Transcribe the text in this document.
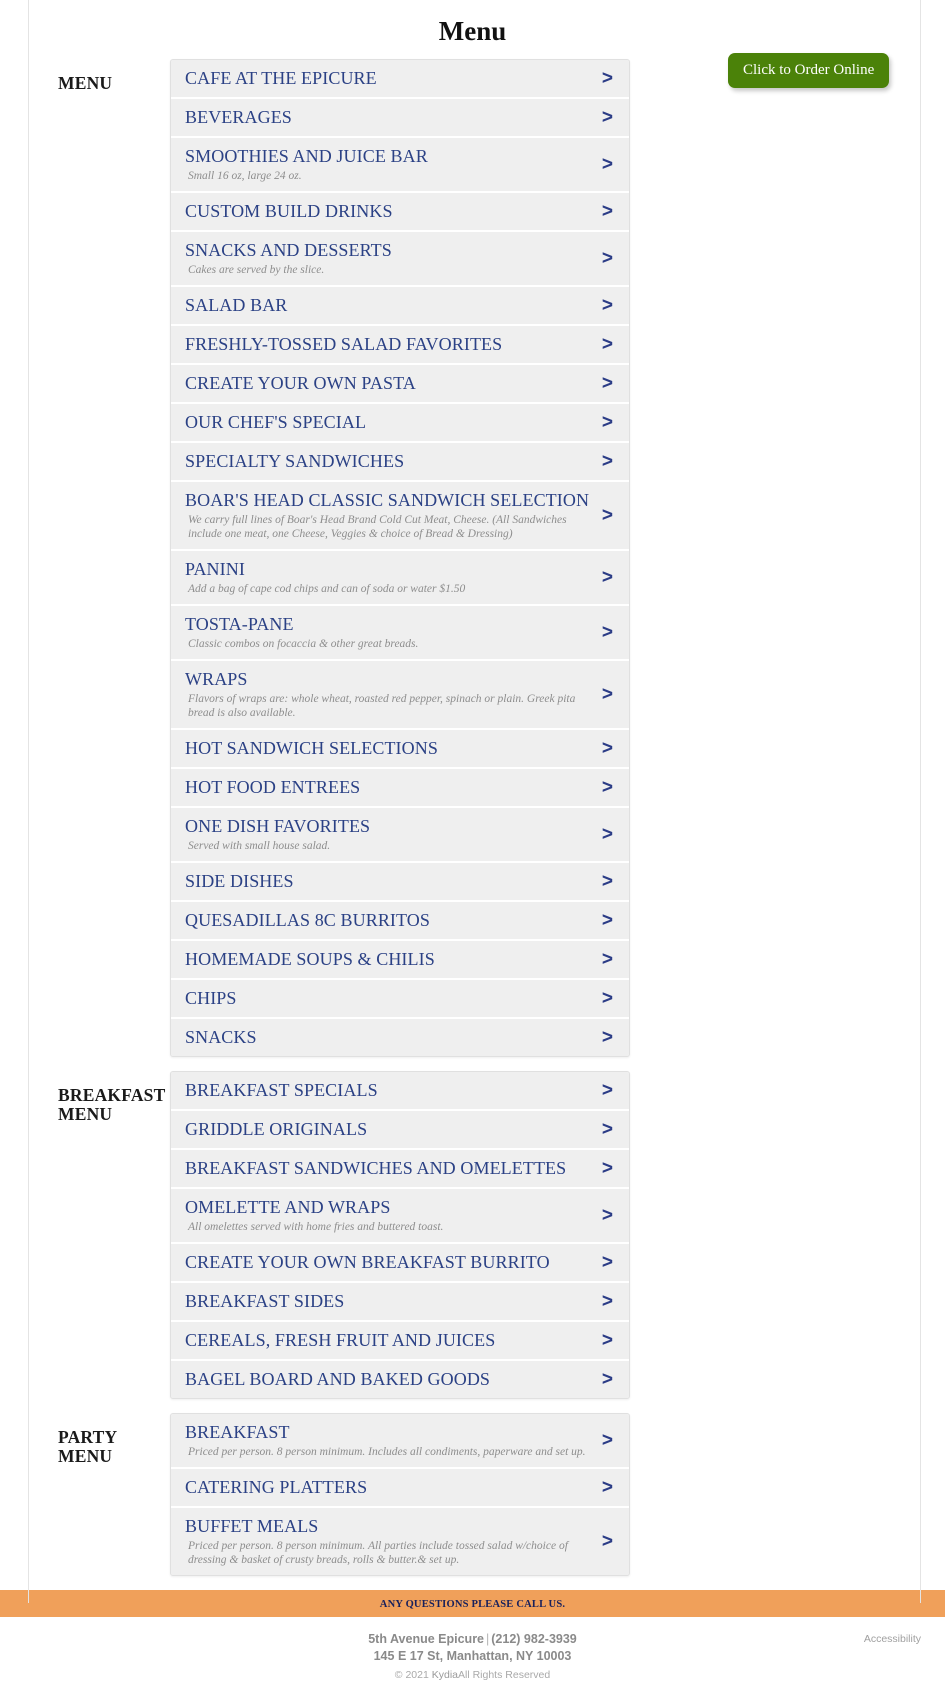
Menu
Click to Order Online
MENU	CAFE AT THE EPICURE	>
BEVERAGES	>
SMOOTHIES AND JUICE BAR
Small 16 oz, large 24 oz.
>
CUSTOM BUILD DRINKS	>
SNACKS AND DESSERTS
Cakes are served by the slice.
>
SALAD BAR	>
FRESHLY-TOSSED SALAD FAVORITES	>
CREATE YOUR OWN PASTA	>
OUR CHEF'S SPECIAL	>
SPECIALTY SANDWICHES	>
BOAR'S HEAD CLASSIC SANDWICH SELECTION
We carry full lines of Boar's Head Brand Cold Cut Meat, Cheese. (All Sandwiches include one meat, one Cheese, Veggies & choice of Bread & Dressing)
>
PANINI
Add a bag of cape cod chips and can of soda or water $1.50
>
TOSTA-PANE
Classic combos on focaccia & other great breads.
>
WRAPS
Flavors of wraps are: whole wheat, roasted red pepper, spinach or plain. Greek pita bread is also available.
>
HOT SANDWICH SELECTIONS	>
HOT FOOD ENTREES	>
ONE DISH FAVORITES
Served with small house salad.
>
SIDE DISHES	>
QUESADILLAS 8C BURRITOS	>
HOMEMADE SOUPS & CHILIS	>
CHIPS	>
SNACKS	>
BREAKFAST MENU
BREAKFAST SPECIALS	>
GRIDDLE ORIGINALS	>
BREAKFAST SANDWICHES AND OMELETTES	>
OMELETTE AND WRAPS
All omelettes served with home fries and buttered toast.
>
CREATE YOUR OWN BREAKFAST BURRITO	>
BREAKFAST SIDES	>
CEREALS, FRESH FRUIT AND JUICES	>
BAGEL BOARD AND BAKED GOODS	>
PARTY MENU
BREAKFAST
Priced per person. 8 person minimum. Includes all condiments, paperware and set up.
>
CATERING PLATTERS	>
BUFFET MEALS
Priced per person. 8 person minimum. All parties include tossed salad w/choice of dressing & basket of crusty breads, rolls & butter.& set up.
>
ANY QUESTIONS PLEASE CALL US.
5th Avenue Epicure | (212) 982-3939
145 E 17 St, Manhattan, NY 10003
© 2021 KydiaAll Rights Reserved
Accessibility
